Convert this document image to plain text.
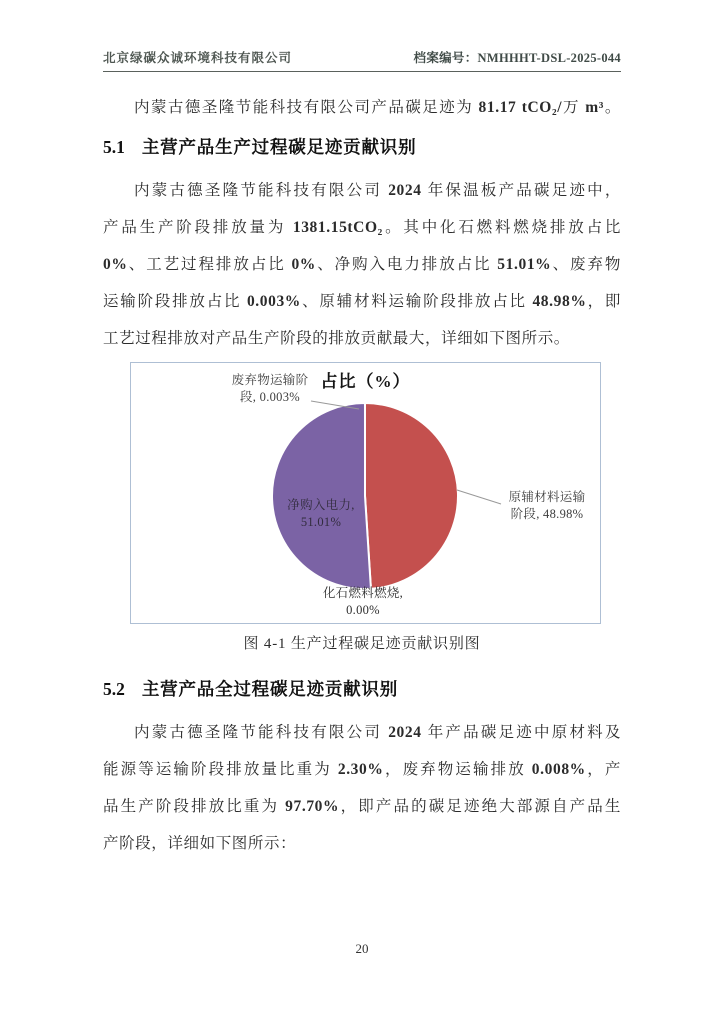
北京绿碳众诚环境科技有限公司	档案编号：NMHHHT-DSL-2025-044
内蒙古德圣隆节能科技有限公司产品碳足迹为 81.17 tCO₂/万 m³。
5.1 主营产品生产过程碳足迹贡献识别
内蒙古德圣隆节能科技有限公司 2024 年保温板产品碳足迹中，
产品生产阶段排放量为 1381.15tCO₂。其中化石燃料燃烧排放占比
0%、工艺过程排放占比 0%、净购入电力排放占比 51.01%、废弃物
运输阶段排放占比 0.003%、原辅材料运输阶段排放占比 48.98%，即
工艺过程排放对产品生产阶段的排放贡献最大，详细如下图所示。
占比（%）
废弃物运输阶段, 0.003%
原辅材料运输阶段, 48.98%
净购入电力, 51.01%
化石燃料燃烧, 0.00%
图 4-1 生产过程碳足迹贡献识别图
5.2 主营产品全过程碳足迹贡献识别
内蒙古德圣隆节能科技有限公司 2024 年产品碳足迹中原材料及
能源等运输阶段排放量比重为 2.30%，废弃物运输排放 0.008%，产
品生产阶段排放比重为 97.70%，即产品的碳足迹绝大部源自产品生
产阶段，详细如下图所示：
20
